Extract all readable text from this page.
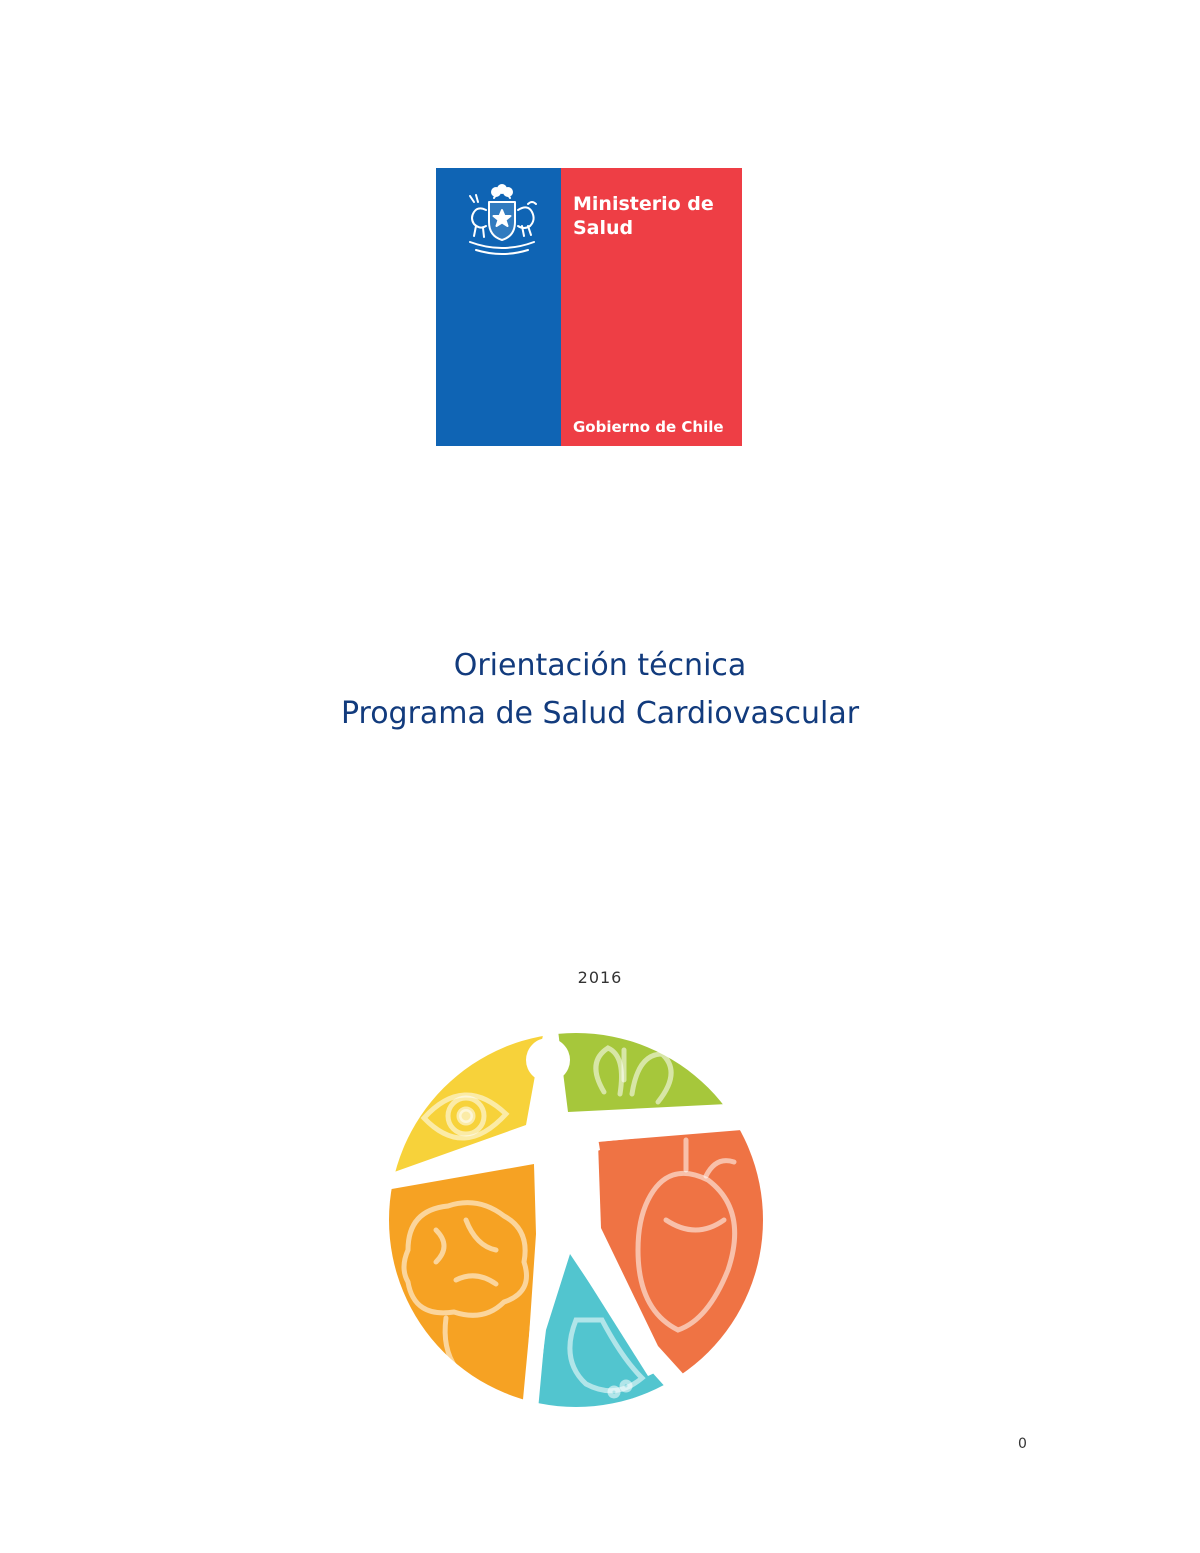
Ministerio de Salud
Gobierno de Chile
Orientación técnica
Programa de Salud Cardiovascular
2016
0
